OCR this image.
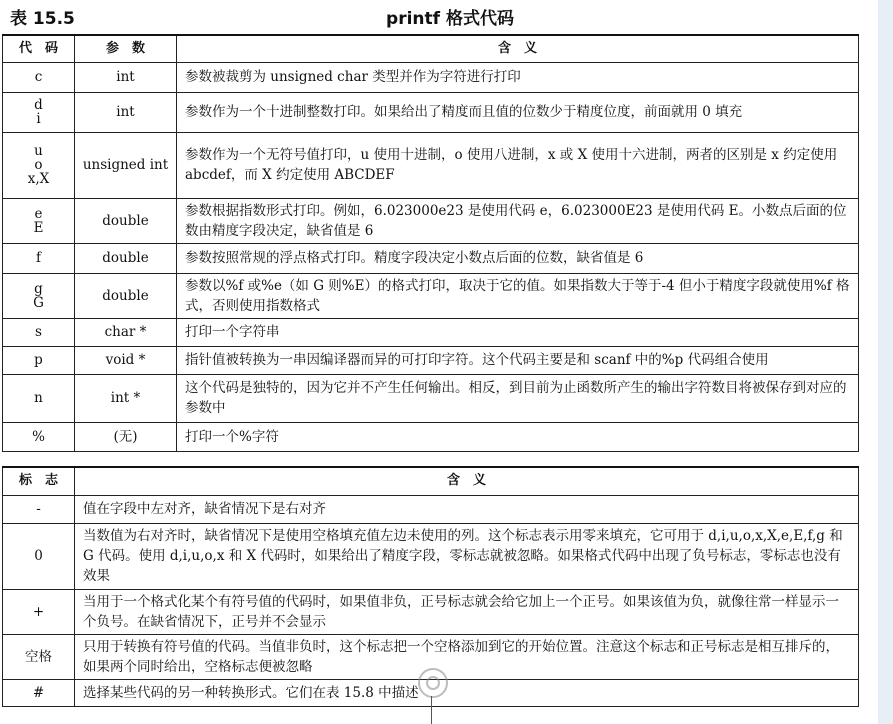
表 15.5	printf 格式代码
代　码	参　数	含　义

c	int	参数被裁剪为 unsigned char 类型并作为字符进行打印

d
i	int	参数作为一个十进制整数打印。如果给出了精度而且值的位数少于精度位度，前面就用 0 填充

u
o
x,X	unsigned int	参数作为一个无符号值打印，u 使用十进制，o 使用八进制，x 或 X 使用十六进制，两者的区别是 x 约定使用 abcdef，而 X 约定使用 ABCDEF

e
E	double	参数根据指数形式打印。例如，6.023000e23 是使用代码 e，6.023000E23 是使用代码 E。小数点后面的位数由精度字段决定，缺省值是 6

f	double	参数按照常规的浮点格式打印。精度字段决定小数点后面的位数，缺省值是 6

g
G	double	参数以%f 或%e（如 G 则%E）的格式打印，取决于它的值。如果指数大于等于-4 但小于精度字段就使用%f 格式，否则使用指数格式

s	char *	打印一个字符串

p	void *	指针值被转换为一串因编译器而异的可打印字符。这个代码主要是和 scanf 中的%p 代码组合使用

n	int *	这个代码是独特的，因为它并不产生任何输出。相反，到目前为止函数所产生的输出字符数目将被保存到对应的参数中

%	(无)	打印一个%字符
标　志	含　义
-	值在字段中左对齐，缺省情况下是右对齐
0	当数值为右对齐时，缺省情况下是使用空格填充值左边未使用的列。这个标志表示用零来填充，它可用于 d,i,u,o,x,X,e,E,f,g 和 G 代码。使用 d,i,u,o,x 和 X 代码时，如果给出了精度字段，零标志就被忽略。如果格式代码中出现了负号标志，零标志也没有效果
+	当用于一个格式化某个有符号值的代码时，如果值非负，正号标志就会给它加上一个正号。如果该值为负，就像往常一样显示一个负号。在缺省情况下，正号并不会显示
空格	只用于转换有符号值的代码。当值非负时，这个标志把一个空格添加到它的开始位置。注意这个标志和正号标志是相互排斥的，如果两个同时给出，空格标志便被忽略
#	选择某些代码的另一种转换形式。它们在表 15.8 中描述
